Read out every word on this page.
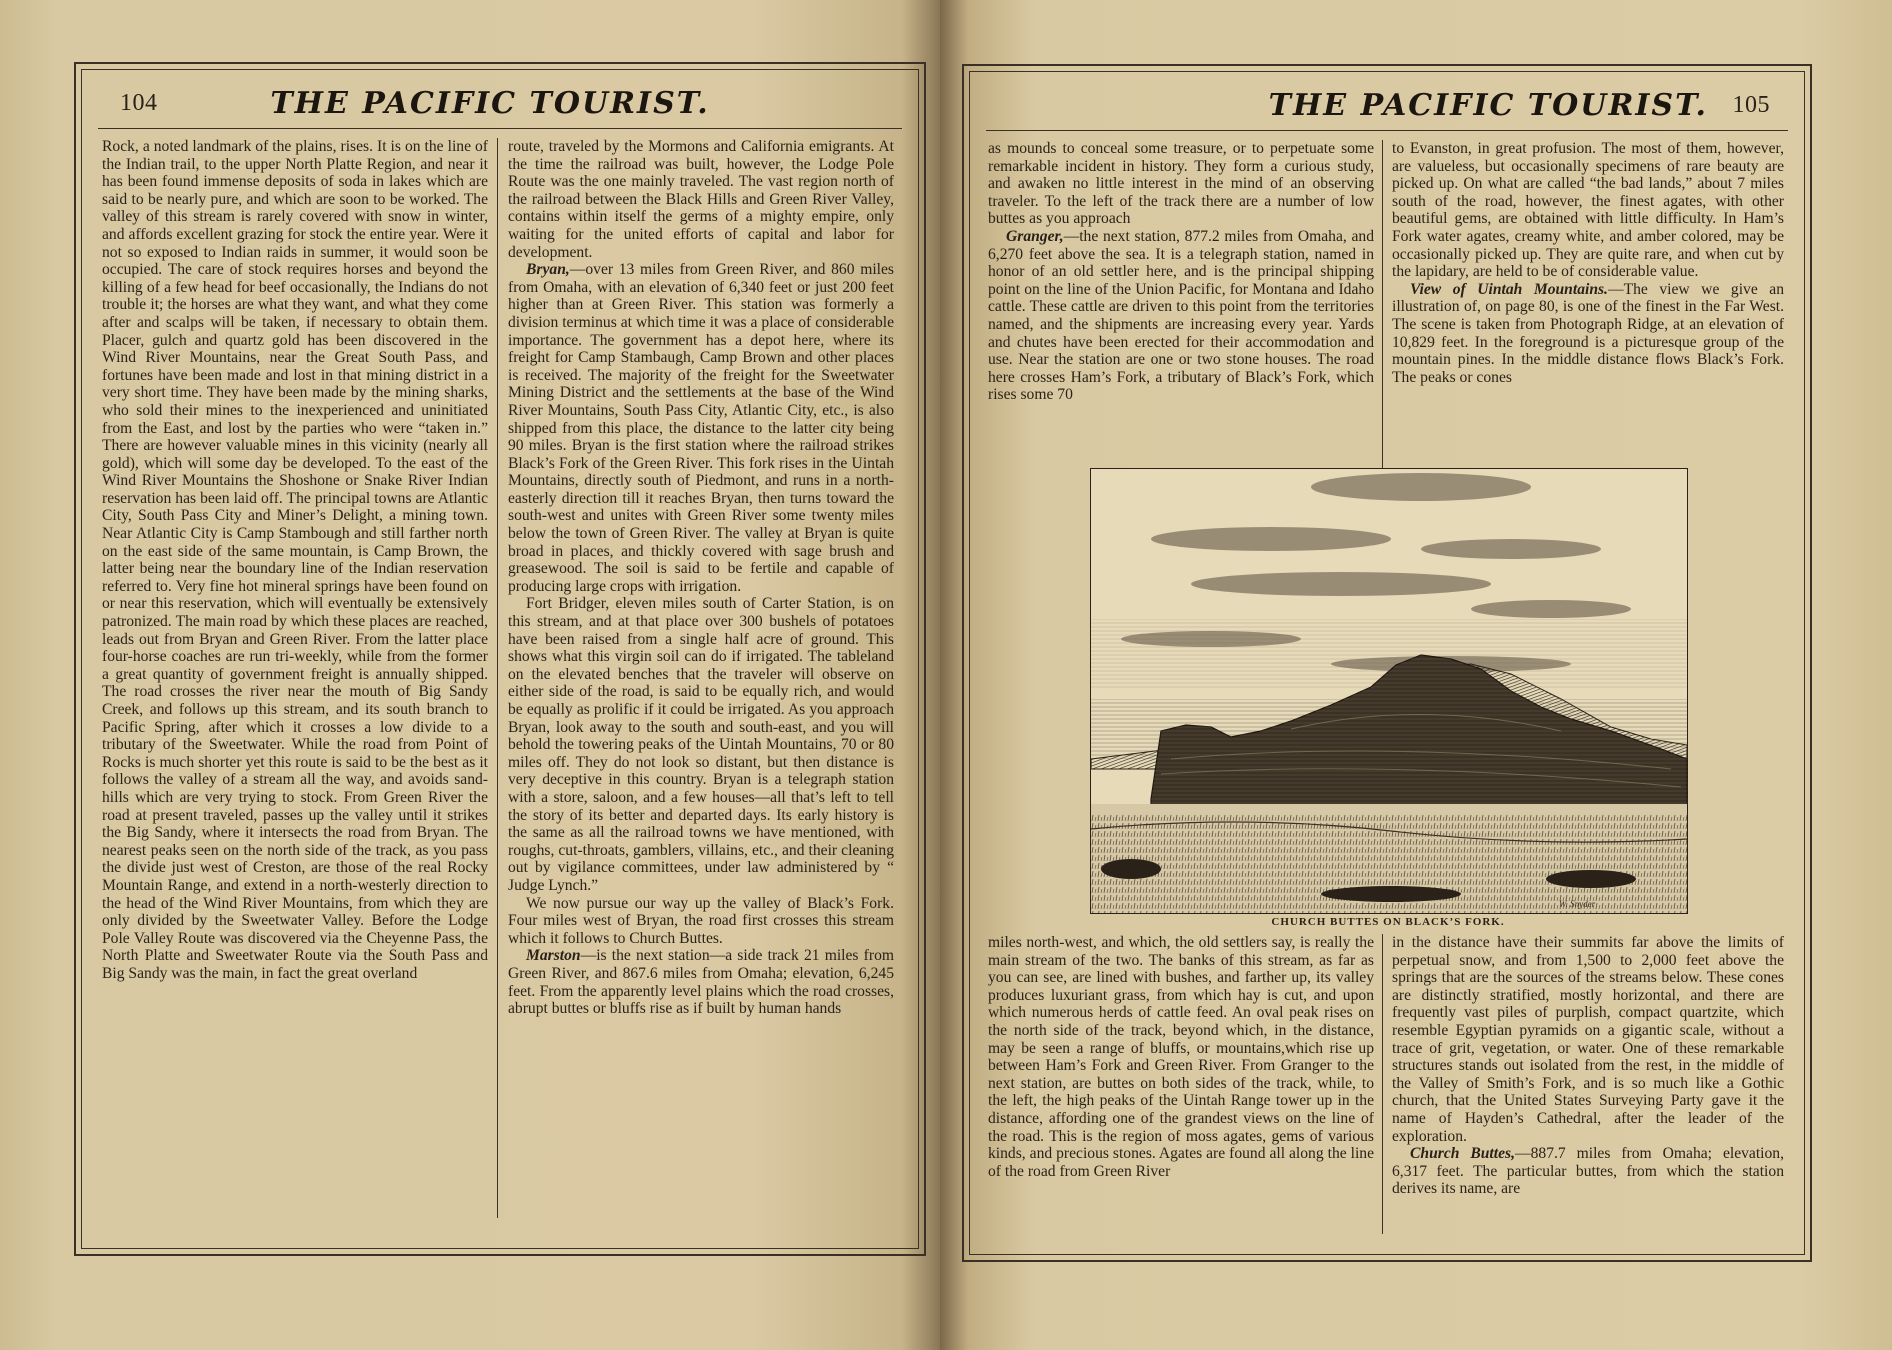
104	THE PACIFIC TOURIST.

Rock, a noted landmark of the plains, rises. It is on the line of the Indian trail, to the upper North Platte Region, and near it has been found immense deposits of soda in lakes which are said to be nearly pure, and which are soon to be worked. The valley of this stream is rarely covered with snow in winter, and affords excellent grazing for stock the entire year. Were it not so exposed to Indian raids in summer, it would soon be occupied. The care of stock requires horses and beyond the killing of a few head for beef occasionally, the Indians do not trouble it; the horses are what they want, and what they come after and scalps will be taken, if necessary to obtain them. Placer, gulch and quartz gold has been discovered in the Wind River Mountains, near the Great South Pass, and fortunes have been made and lost in that mining district in a very short time. They have been made by the mining sharks, who sold their mines to the inexperienced and uninitiated from the East, and lost by the parties who were “taken in.” There are however valuable mines in this vicinity (nearly all gold), which will some day be developed. To the east of the Wind River Mountains the Shoshone or Snake River Indian reservation has been laid off. The principal towns are Atlantic City, South Pass City and Miner’s Delight, a mining town. Near Atlantic City is Camp Stambough and still farther north on the east side of the same mountain, is Camp Brown, the latter being near the boundary line of the Indian reservation referred to. Very fine hot mineral springs have been found on or near this reservation, which will eventually be extensively patronized. The main road by which these places are reached, leads out from Bryan and Green River. From the latter place four-horse coaches are run tri-weekly, while from the former a great quantity of government freight is annually shipped. The road crosses the river near the mouth of Big Sandy Creek, and follows up this stream, and its south branch to Pacific Spring, after which it crosses a low divide to a tributary of the Sweetwater. While the road from Point of Rocks is much shorter yet this route is said to be the best as it follows the valley of a stream all the way, and avoids sand-hills which are very trying to stock. From Green River the road at present traveled, passes up the valley until it strikes the Big Sandy, where it intersects the road from Bryan. The nearest peaks seen on the north side of the track, as you pass the divide just west of Creston, are those of the real Rocky Mountain Range, and extend in a north-westerly direction to the head of the Wind River Mountains, from which they are only divided by the Sweetwater Valley. Before the Lodge Pole Valley Route was discovered via the Cheyenne Pass, the North Platte and Sweetwater Route via the South Pass and Big Sandy was the main, in fact the great overland

route, traveled by the Mormons and California emigrants. At the time the railroad was built, however, the Lodge Pole Route was the one mainly traveled. The vast region north of the railroad between the Black Hills and Green River Valley, contains within itself the germs of a mighty empire, only waiting for the united efforts of capital and labor for development.

Bryan,—over 13 miles from Green River, and 860 miles from Omaha, with an elevation of 6,340 feet or just 200 feet higher than at Green River. This station was formerly a division terminus at which time it was a place of considerable importance. The government has a depot here, where its freight for Camp Stambaugh, Camp Brown and other places is received. The majority of the freight for the Sweetwater Mining District and the settlements at the base of the Wind River Mountains, South Pass City, Atlantic City, etc., is also shipped from this place, the distance to the latter city being 90 miles. Bryan is the first station where the railroad strikes Black’s Fork of the Green River. This fork rises in the Uintah Mountains, directly south of Piedmont, and runs in a north-easterly direction till it reaches Bryan, then turns toward the south-west and unites with Green River some twenty miles below the town of Green River. The valley at Bryan is quite broad in places, and thickly covered with sage brush and greasewood. The soil is said to be fertile and capable of producing large crops with irrigation.

Fort Bridger, eleven miles south of Carter Station, is on this stream, and at that place over 300 bushels of potatoes have been raised from a single half acre of ground. This shows what this virgin soil can do if irrigated. The tableland on the elevated benches that the traveler will observe on either side of the road, is said to be equally rich, and would be equally as prolific if it could be irrigated. As you approach Bryan, look away to the south and south-east, and you will behold the towering peaks of the Uintah Mountains, 70 or 80 miles off. They do not look so distant, but then distance is very deceptive in this country. Bryan is a telegraph station with a store, saloon, and a few houses—all that’s left to tell the story of its better and departed days. Its early history is the same as all the railroad towns we have mentioned, with roughs, cut-throats, gamblers, villains, etc., and their cleaning out by vigilance committees, under law administered by “ Judge Lynch.”

We now pursue our way up the valley of Black’s Fork. Four miles west of Bryan, the road first crosses this stream which it follows to Church Buttes.

Marston—is the next station—a side track 21 miles from Green River, and 867.6 miles from Omaha; elevation, 6,245 feet. From the apparently level plains which the road crosses, abrupt buttes or bluffs rise as if built by human hands

THE PACIFIC TOURIST. 105

as mounds to conceal some treasure, or to perpetuate some remarkable incident in history. They form a curious study, and awaken no little interest in the mind of an observing traveler. To the left of the track there are a number of low buttes as you approach

Granger,—the next station, 877.2 miles from Omaha, and 6,270 feet above the sea. It is a telegraph station, named in honor of an old settler here, and is the principal shipping point on the line of the Union Pacific, for Montana and Idaho cattle. These cattle are driven to this point from the territories named, and the shipments are increasing every year. Yards and chutes have been erected for their accommodation and use. Near the station are one or two stone houses. The road here crosses Ham’s Fork, a tributary of Black’s Fork, which rises some 70

to Evanston, in great profusion. The most of them, however, are valueless, but occasionally specimens of rare beauty are picked up. On what are called “the bad lands,” about 7 miles south of the road, however, the finest agates, with other beautiful gems, are obtained with little difficulty. In Ham’s Fork water agates, creamy white, and amber colored, may be occasionally picked up. They are quite rare, and when cut by the lapidary, are held to be of considerable value.

View of Uintah Mountains.—The view we give an illustration of, on page 80, is one of the finest in the Far West. The scene is taken from Photograph Ridge, at an elevation of 10,829 feet. In the foreground is a picturesque group of the mountain pines. In the middle distance flows Black’s Fork. The peaks or cones

W. Snyder
CHURCH BUTTES ON BLACK’S FORK.

miles north-west, and which, the old settlers say, is really the main stream of the two. The banks of this stream, as far as you can see, are lined with bushes, and farther up, its valley produces luxuriant grass, from which hay is cut, and upon which numerous herds of cattle feed. An oval peak rises on the north side of the track, beyond which, in the distance, may be seen a range of bluffs, or mountains,which rise up between Ham’s Fork and Green River. From Granger to the next station, are buttes on both sides of the track, while, to the left, the high peaks of the Uintah Range tower up in the distance, affording one of the grandest views on the line of the road. This is the region of moss agates, gems of various kinds, and precious stones. Agates are found all along the line of the road from Green River

in the distance have their summits far above the limits of perpetual snow, and from 1,500 to 2,000 feet above the springs that are the sources of the streams below. These cones are distinctly stratified, mostly horizontal, and there are frequently vast piles of purplish, compact quartzite, which resemble Egyptian pyramids on a gigantic scale, without a trace of grit, vegetation, or water. One of these remarkable structures stands out isolated from the rest, in the middle of the Valley of Smith’s Fork, and is so much like a Gothic church, that the United States Surveying Party gave it the name of Hayden’s Cathedral, after the leader of the exploration.

Church Buttes,—887.7 miles from Omaha; elevation, 6,317 feet. The particular buttes, from which the station derives its name, are
